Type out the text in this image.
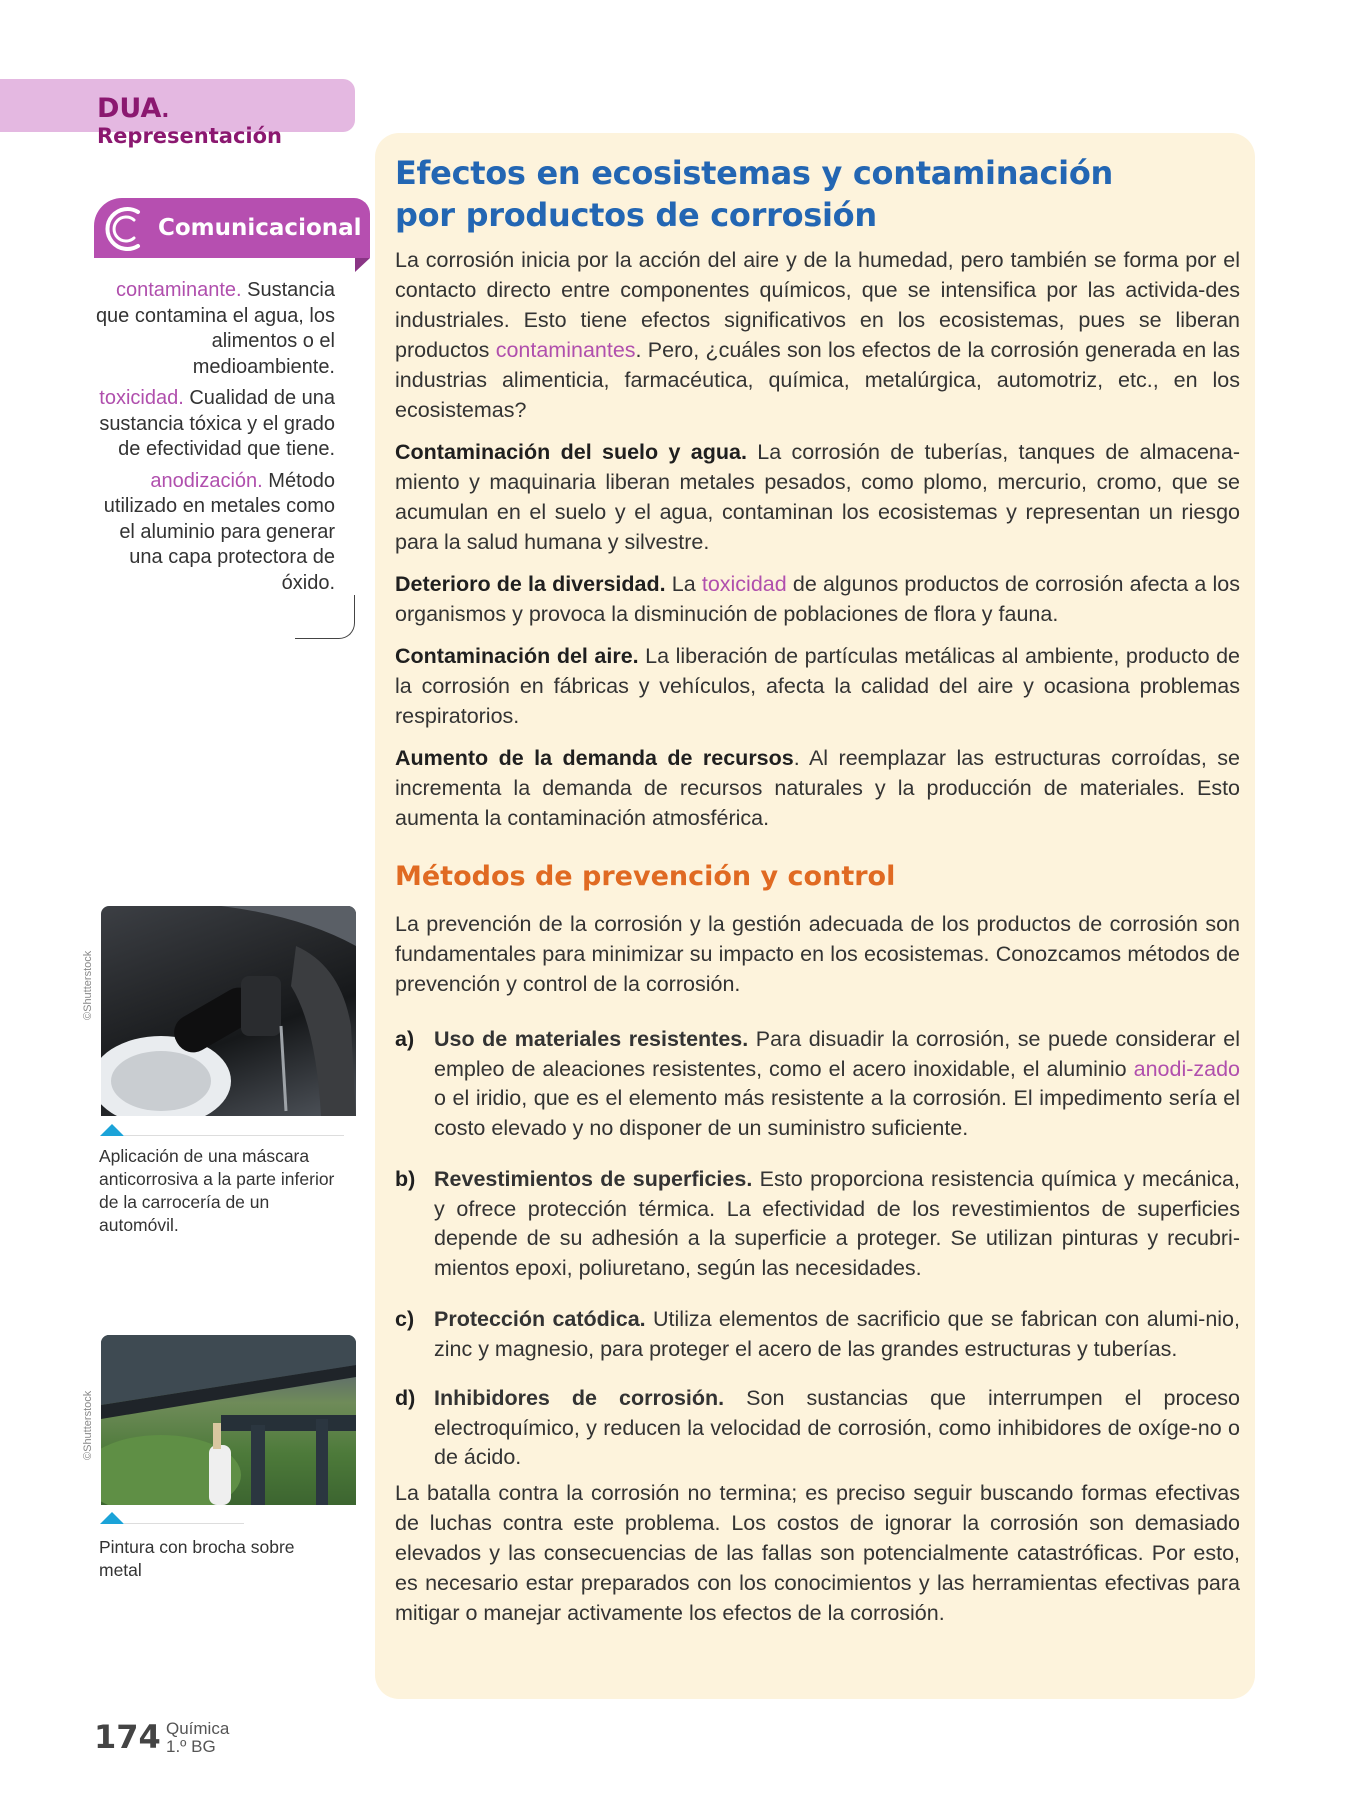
DUA. Representación
Comunicacional
contaminante. Sustancia que contamina el agua, los alimentos o el medioambiente.
toxicidad. Cualidad de una sustancia tóxica y el grado de efectividad que tiene.
anodización. Método utilizado en metales como el aluminio para generar una capa protectora de óxido.
©Shutterstock
Aplicación de una máscara anticorrosiva a la parte inferior de la carrocería de un automóvil.
©Shutterstock
Pintura con brocha sobre metal
Efectos en ecosistemas y contaminación
por productos de corrosión
La corrosión inicia por la acción del aire y de la humedad, pero también se forma por el contacto directo entre componentes químicos, que se intensifica por las activida-des industriales. Esto tiene efectos significativos en los ecosistemas, pues se liberan productos contaminantes. Pero, ¿cuáles son los efectos de la corrosión generada en las industrias alimenticia, farmacéutica, química, metalúrgica, automotriz, etc., en los ecosistemas?
Contaminación del suelo y agua. La corrosión de tuberías, tanques de almacena-miento y maquinaria liberan metales pesados, como plomo, mercurio, cromo, que se acumulan en el suelo y el agua, contaminan los ecosistemas y representan un riesgo para la salud humana y silvestre.
Deterioro de la diversidad. La toxicidad de algunos productos de corrosión afecta a los organismos y provoca la disminución de poblaciones de flora y fauna.
Contaminación del aire. La liberación de partículas metálicas al ambiente, producto de la corrosión en fábricas y vehículos, afecta la calidad del aire y ocasiona problemas respiratorios.
Aumento de la demanda de recursos. Al reemplazar las estructuras corroídas, se incrementa la demanda de recursos naturales y la producción de materiales. Esto aumenta la contaminación atmosférica.
Métodos de prevención y control
La prevención de la corrosión y la gestión adecuada de los productos de corrosión son fundamentales para minimizar su impacto en los ecosistemas. Conozcamos métodos de prevención y control de la corrosión.
a) Uso de materiales resistentes. Para disuadir la corrosión, se puede considerar el empleo de aleaciones resistentes, como el acero inoxidable, el aluminio anodi-zado o el iridio, que es el elemento más resistente a la corrosión. El impedimento sería el costo elevado y no disponer de un suministro suficiente.
b) Revestimientos de superficies. Esto proporciona resistencia química y mecánica, y ofrece protección térmica. La efectividad de los revestimientos de superficies depende de su adhesión a la superficie a proteger. Se utilizan pinturas y recubri-mientos epoxi, poliuretano, según las necesidades.
c) Protección catódica. Utiliza elementos de sacrificio que se fabrican con alumi-nio, zinc y magnesio, para proteger el acero de las grandes estructuras y tuberías.
d) Inhibidores de corrosión. Son sustancias que interrumpen el proceso electroquímico, y reducen la velocidad de corrosión, como inhibidores de oxíge-no o de ácido.
La batalla contra la corrosión no termina; es preciso seguir buscando formas efectivas de luchas contra este problema. Los costos de ignorar la corrosión son demasiado elevados y las consecuencias de las fallas son potencialmente catastróficas. Por esto, es necesario estar preparados con los conocimientos y las herramientas efectivas para mitigar o manejar activamente los efectos de la corrosión.
174 Química
1.º BG
